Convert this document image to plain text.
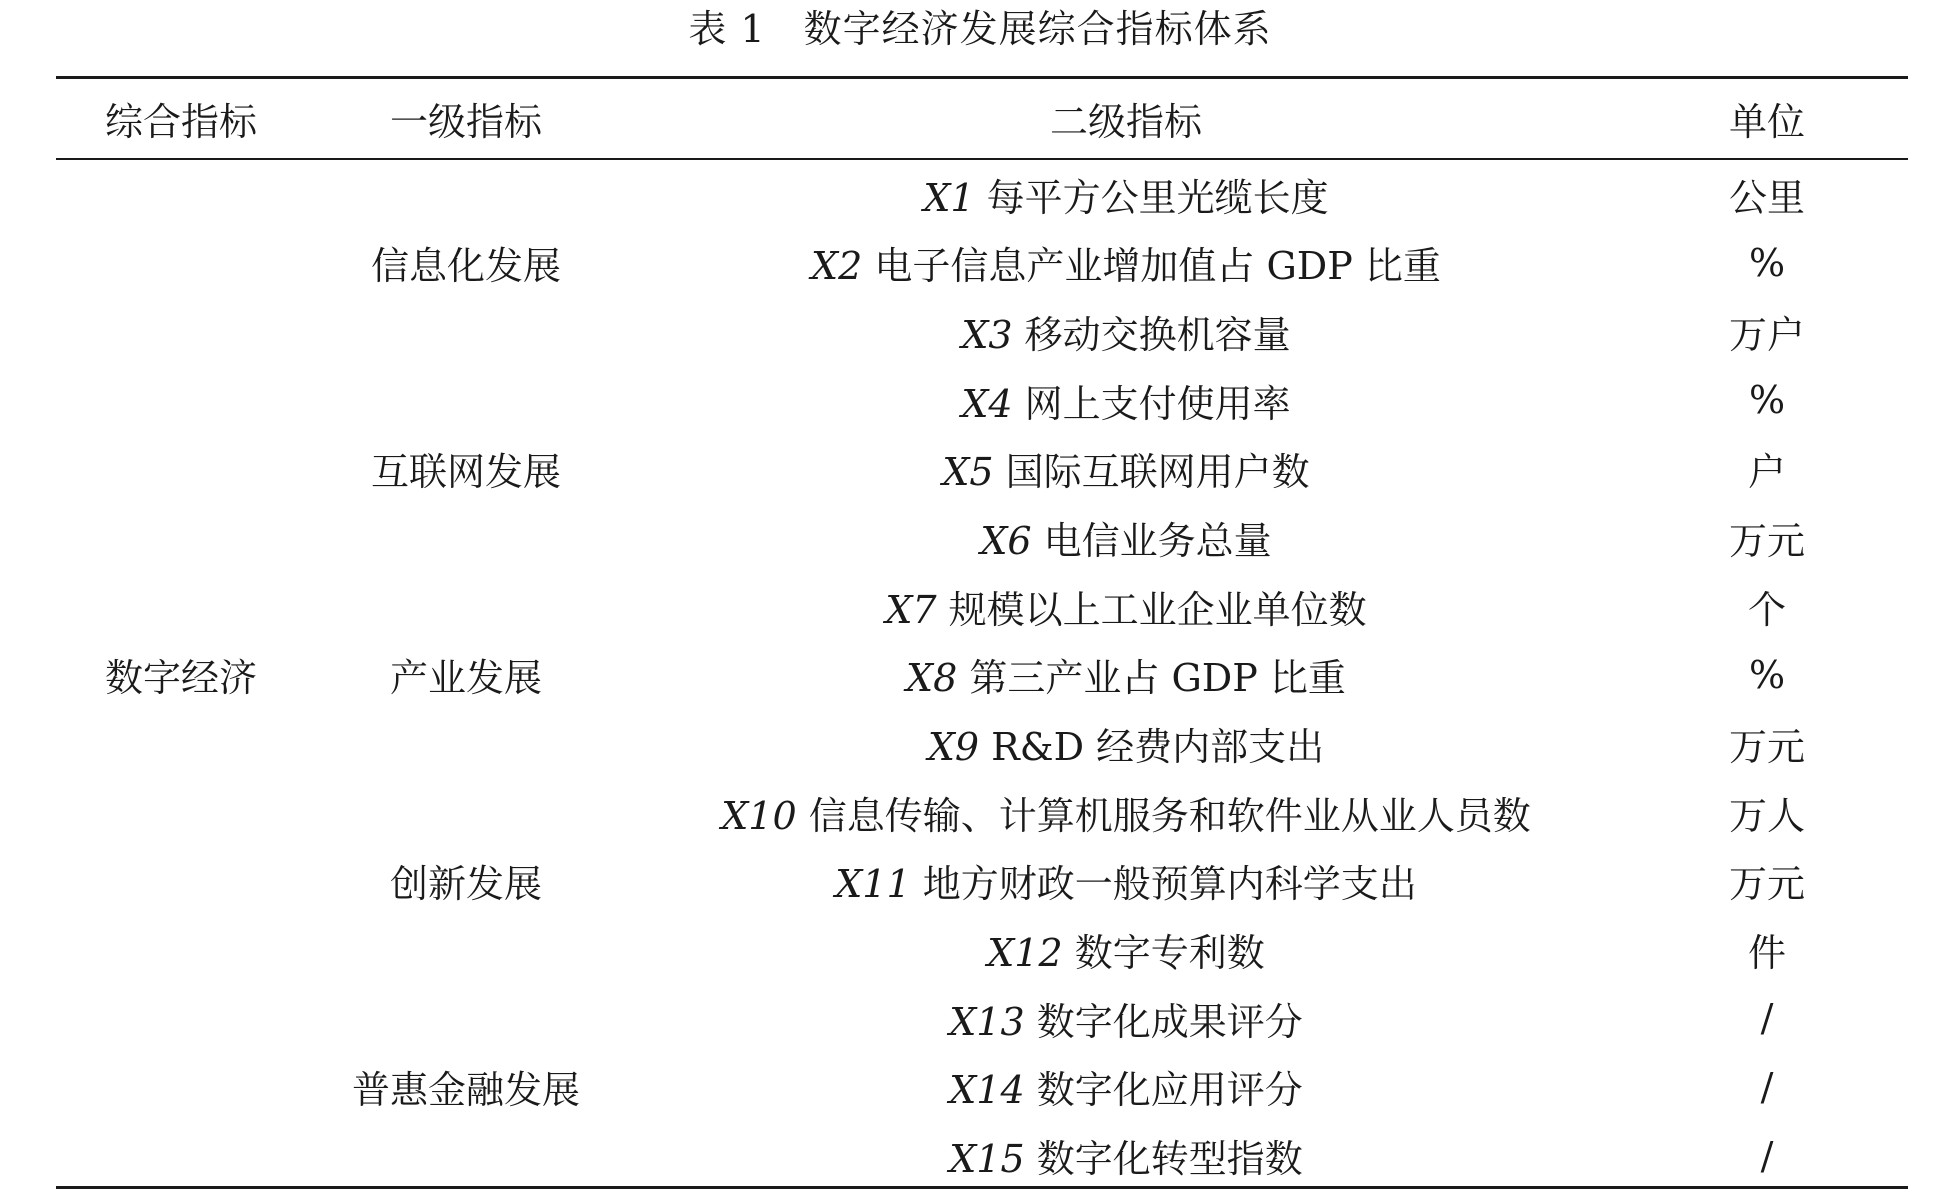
表 1 数字经济发展综合指标体系
综合指标	一级指标	二级指标	单位
数字经济	信息化发展	X1 每平方公里光缆长度	公里
		X2 电子信息产业增加值占 GDP 比重	%
		X3 移动交换机容量	万户
	互联网发展	X4 网上支付使用率	%
		X5 国际互联网用户数	户
		X6 电信业务总量	万元
	产业发展	X7 规模以上工业企业单位数	个
		X8 第三产业占 GDP 比重	%
		X9 R&D 经费内部支出	万元
	创新发展	X10 信息传输、计算机服务和软件业从业人员数	万人
		X11 地方财政一般预算内科学支出	万元
		X12 数字专利数	件
	普惠金融发展	X13 数字化成果评分	/
		X14 数字化应用评分	/
		X15 数字化转型指数	/
